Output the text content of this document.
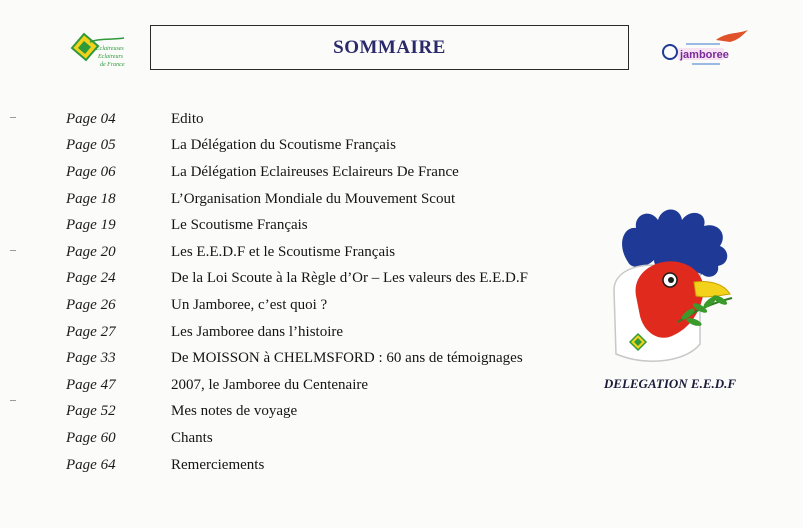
Eclaireuses
Eclaireurs
de France
SOMMAIRE	jamboree
Page 04	Edito
Page 05	La Délégation du Scoutisme Français
Page 06	La Délégation Eclaireuses Eclaireurs De France
Page 18	L’Organisation Mondiale du Mouvement Scout
Page 19	Le Scoutisme Français
Page 20	Les E.E.D.F et le Scoutisme Français
Page 24	De la Loi Scoute à la Règle d’Or – Les valeurs des E.E.D.F
Page 26	Un Jamboree, c’est quoi ?
Page 27	Les Jamboree dans l’histoire
Page 33	De MOISSON à CHELMSFORD : 60 ans de témoignages
Page 47	2007, le Jamboree du Centenaire
Page 52	Mes notes de voyage
Page 60	Chants
Page 64	Remerciements
DELEGATION E.E.D.F
